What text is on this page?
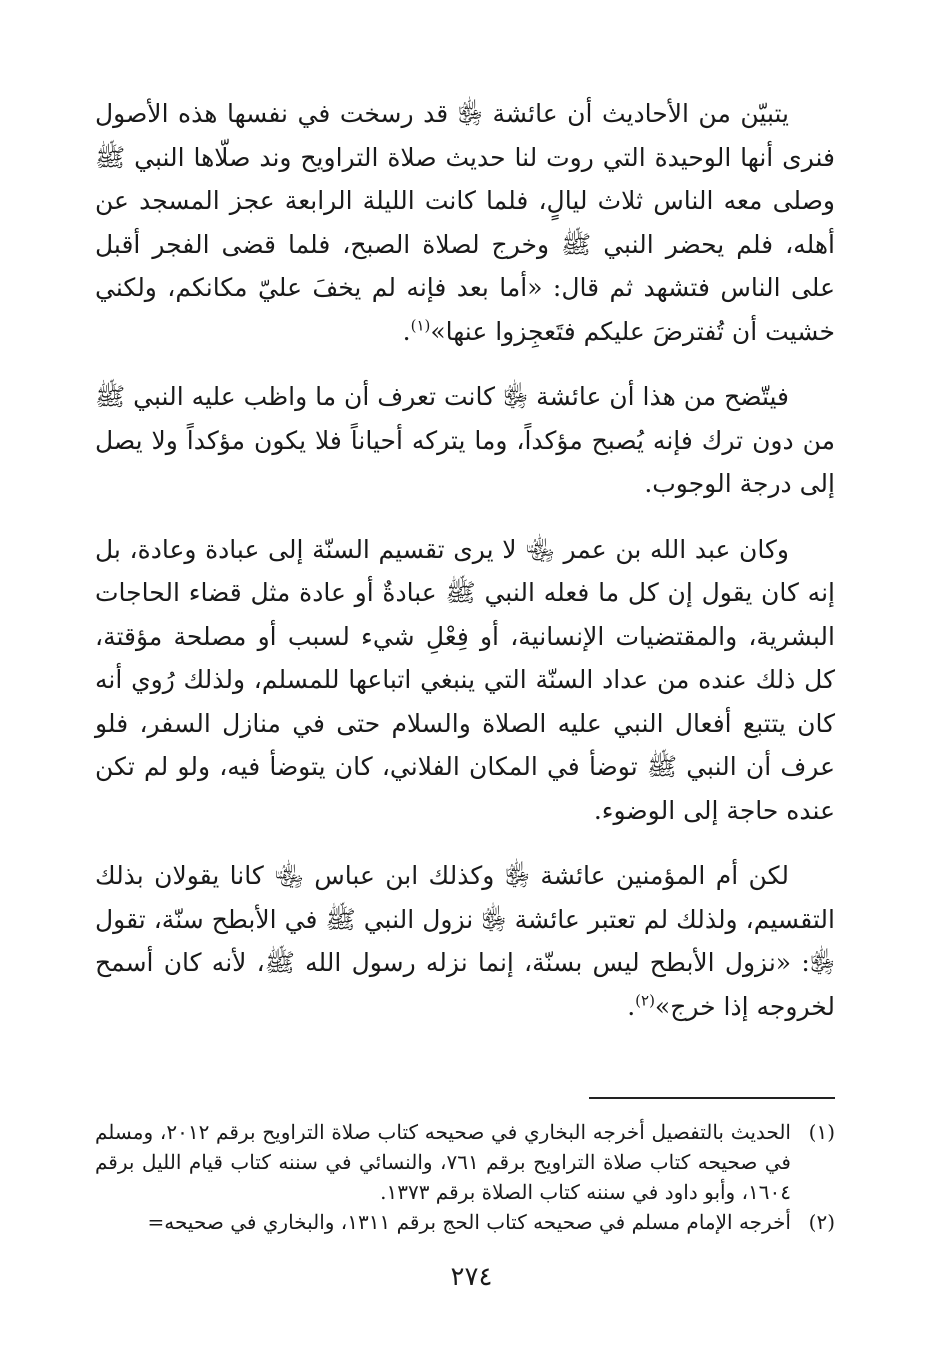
يتبيّن من الأحاديث أن عائشة ﵂ قد رسخت في نفسها هذه الأصول فنرى أنها الوحيدة التي روت لنا حديث صلاة التراويح وند صلّاها النبي ﷺ وصلى معه الناس ثلاث ليالٍ، فلما كانت الليلة الرابعة عجز المسجد عن أهله، فلم يحضر النبي ﷺ وخرج لصلاة الصبح، فلما قضى الفجر أقبل على الناس فتشهد ثم قال: «أما بعد فإنه لم يخفَ عليّ مكانكم، ولكني خشيت أن تُفترضَ عليكم فتَعجِزوا عنها»$^{(١)}$.

فيتّضح من هذا أن عائشة ﵂ كانت تعرف أن ما واظب عليه النبي ﷺ من دون ترك فإنه يُصبح مؤكداً، وما يتركه أحياناً فلا يكون مؤكداً ولا يصل إلى درجة الوجوب.

وكان عبد الله بن عمر ﵄ لا يرى تقسيم السنّة إلى عبادة وعادة، بل إنه كان يقول إن كل ما فعله النبي ﷺ عبادةٌ أو عادة مثل قضاء الحاجات البشرية، والمقتضيات الإنسانية، أو فِعْلِ شيء لسبب أو مصلحة مؤقتة، كل ذلك عنده من عداد السنّة التي ينبغي اتباعها للمسلم، ولذلك رُوي أنه كان يتتبع أفعال النبي عليه الصلاة والسلام حتى في منازل السفر، فلو عرف أن النبي ﷺ توضأ في المكان الفلاني، كان يتوضأ فيه، ولو لم تكن عنده حاجة إلى الوضوء.

لكن أم المؤمنين عائشة ﵂ وكذلك ابن عباس ﵄ كانا يقولان بذلك التقسيم، ولذلك لم تعتبر عائشة ﵂ نزول النبي ﷺ في الأبطح سنّة، تقول ﵂: «نزول الأبطح ليس بسنّة، إنما نزله رسول الله ﷺ، لأنه كان أسمح لخروجه إذا خرج»$^{(٢)}$.

(١)
الحديث بالتفصيل أخرجه البخاري في صحيحه كتاب صلاة التراويح برقم ٢٠١٢، ومسلم في صحيحه كتاب صلاة التراويح برقم ٧٦١، والنسائي في سننه كتاب قيام الليل برقم ١٦٠٤، وأبو داود في سننه كتاب الصلاة برقم ١٣٧٣.
(٢)
أخرجه الإمام مسلم في صحيحه كتاب الحج برقم ١٣١١، والبخاري في صحيحه=
٢٧٤
